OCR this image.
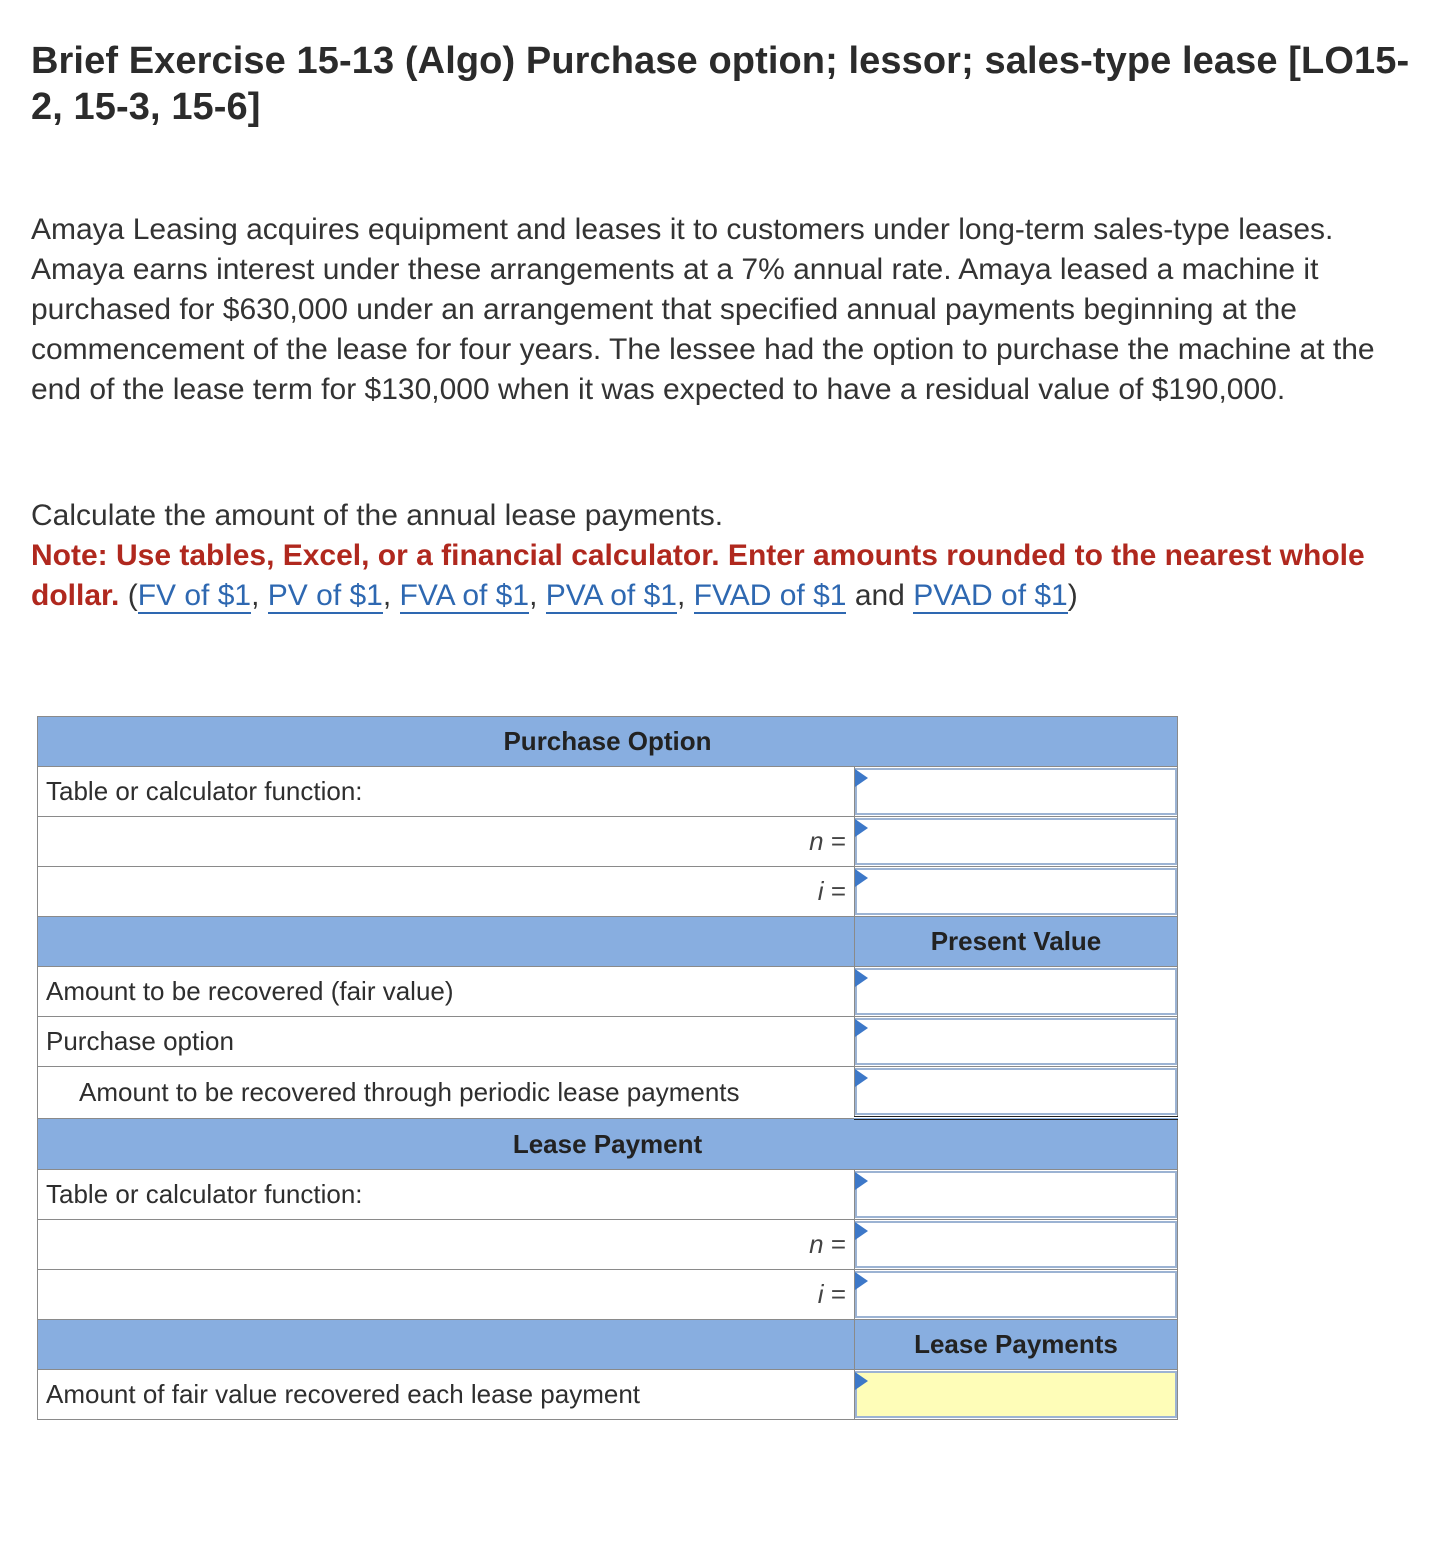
Brief Exercise 15-13 (Algo) Purchase option; lessor; sales-type lease [LO15-2, 15-3, 15-6]

Amaya Leasing acquires equipment and leases it to customers under long-term sales-type leases. Amaya earns interest under these arrangements at a 7% annual rate. Amaya leased a machine it purchased for $630,000 under an arrangement that specified annual payments beginning at the commencement of the lease for four years. The lessee had the option to purchase the machine at the end of the lease term for $130,000 when it was expected to have a residual value of $190,000.

Calculate the amount of the annual lease payments.
Note: Use tables, Excel, or a financial calculator. Enter amounts rounded to the nearest whole dollar. (FV of $1, PV of $1, FVA of $1, PVA of $1, FVAD of $1 and PVAD of $1)
Purchase Option	
Table or calculator function:	

n =	

i =	

	Present Value
Amount to be recovered (fair value)	

Purchase option	

Amount to be recovered through periodic lease payments	

Lease Payment	
Table or calculator function:	

n =	

i =	

	Lease Payments
Amount of fair value recovered each lease payment	
